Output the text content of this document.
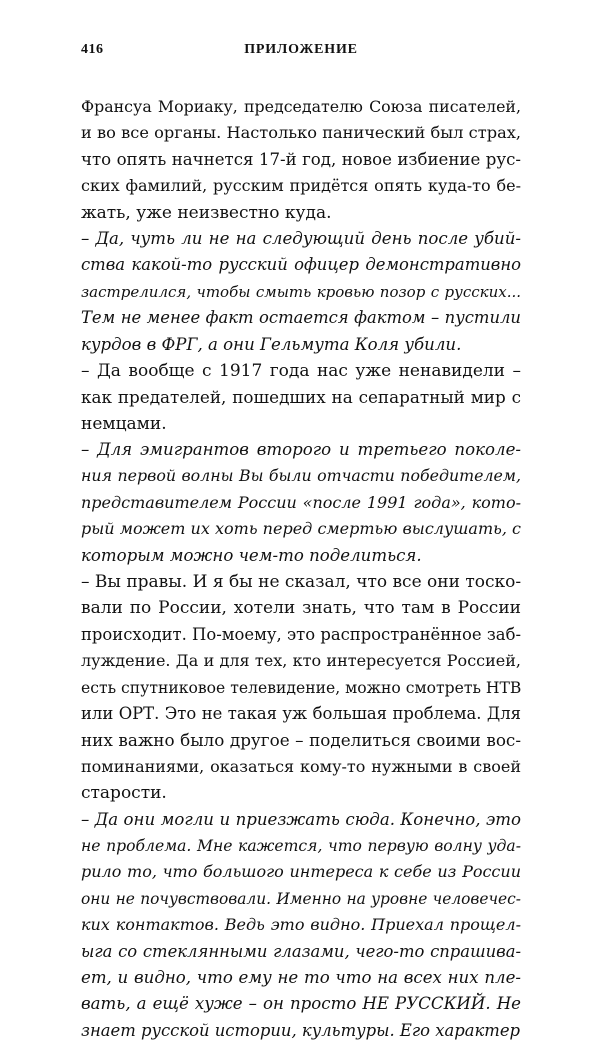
416	ПРИЛОЖЕНИЕ
Франсуа Мориаку, председателю Союза писателей,
и во все органы. Настолько панический был страх,
что опять начнется 17-й год, новое избиение рус-
ских фамилий, русским придётся опять куда-то бе-
жать, уже неизвестно куда.
– Да, чуть ли не на следующий день после убий-
ства какой-то русский офицер демонстративно
застрелился, чтобы смыть кровью позор с русских...
Тем не менее факт остается фактом – пустили
курдов в ФРГ, а они Гельмута Коля убили.
– Да вообще с 1917 года нас уже ненавидели –
как предателей, пошедших на сепаратный мир с
немцами.
– Для эмигрантов второго и третьего поколе-
ния первой волны Вы были отчасти победителем,
представителем России «после 1991 года», кото-
рый может их хоть перед смертью выслушать, с
которым можно чем-то поделиться.
– Вы правы. И я бы не сказал, что все они тоско-
вали по России, хотели знать, что там в России
происходит. По-моему, это распространённое заб-
луждение. Да и для тех, кто интересуется Россией,
есть спутниковое телевидение, можно смотреть НТВ
или ОРТ. Это не такая уж большая проблема. Для
них важно было другое – поделиться своими вос-
поминаниями, оказаться кому-то нужными в своей
старости.
– Да они могли и приезжать сюда. Конечно, это
не проблема. Мне кажется, что первую волну уда-
рило то, что большого интереса к себе из России
они не почувствовали. Именно на уровне человечес-
ких контактов. Ведь это видно. Приехал прощел-
ыга со стеклянными глазами, чего-то спрашива-
ет, и видно, что ему не то что на всех них пле-
вать, а ещё хуже – он просто НЕ РУССКИЙ. Не
знает русской истории, культуры. Его характер
